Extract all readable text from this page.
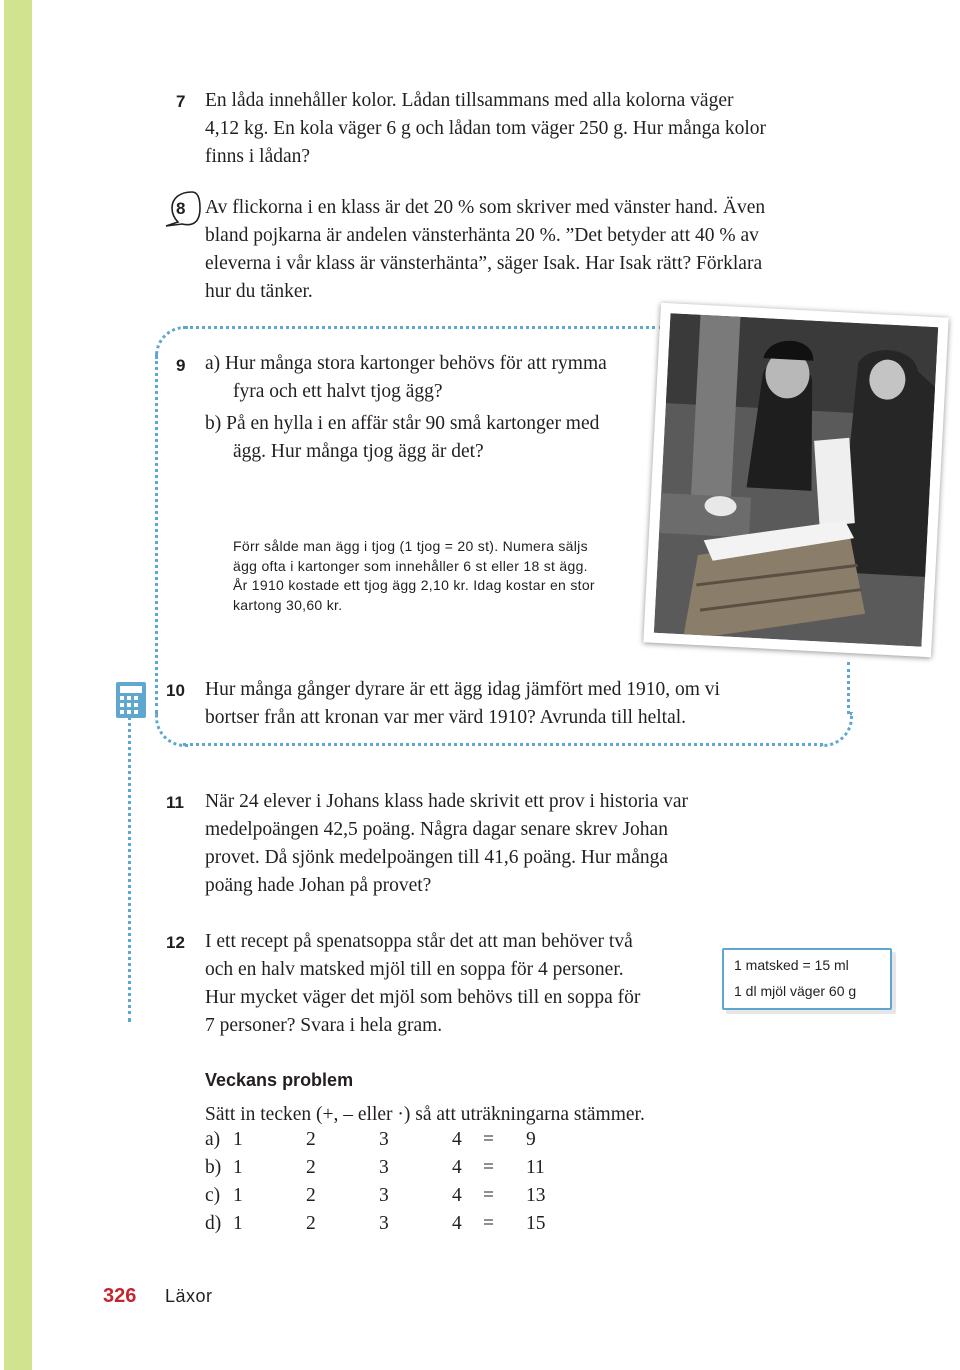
7 En låda innehåller kolor. Lådan tillsammans med alla kolorna väger
4,12 kg. En kola väger 6 g och lådan tom väger 250 g. Hur många kolor
finns i lådan?
8 Av flickorna i en klass är det 20 % som skriver med vänster hand. Även
bland pojkarna är andelen vänsterhänta 20 %. ”Det betyder att 40 % av
eleverna i vår klass är vänsterhänta”, säger Isak. Har Isak rätt? Förklara
hur du tänker.
9 a) Hur många stora kartonger behövs för att rymma
fyra och ett halvt tjog ägg?
b) På en hylla i en affär står 90 små kartonger med
ägg. Hur många tjog ägg är det?
Förr sålde man ägg i tjog (1 tjog = 20 st). Numera säljs
ägg ofta i kartonger som innehåller 6 st eller 18 st ägg.
År 1910 kostade ett tjog ägg 2,10 kr. Idag kostar en stor
kartong 30,60 kr.
10 Hur många gånger dyrare är ett ägg idag jämfört med 1910, om vi
bortser från att kronan var mer värd 1910? Avrunda till heltal.
11 När 24 elever i Johans klass hade skrivit ett prov i historia var
medelpoängen 42,5 poäng. Några dagar senare skrev Johan
provet. Då sjönk medelpoängen till 41,6 poäng. Hur många
poäng hade Johan på provet?
12 I ett recept på spenatsoppa står det att man behöver två
och en halv matsked mjöl till en soppa för 4 personer.
Hur mycket väger det mjöl som behövs till en soppa för
7 personer? Svara i hela gram.
1 matsked = 15 ml
1 dl mjöl väger 60 g
Veckans problem
Sätt in tecken (+, – eller ·) så att uträkningarna stämmer.
a) 1	2	3	4 = 9
b) 1	2	3	4 = 11
c) 1	2	3	4 = 13
d) 1	2	3	4 = 15
326 Läxor
